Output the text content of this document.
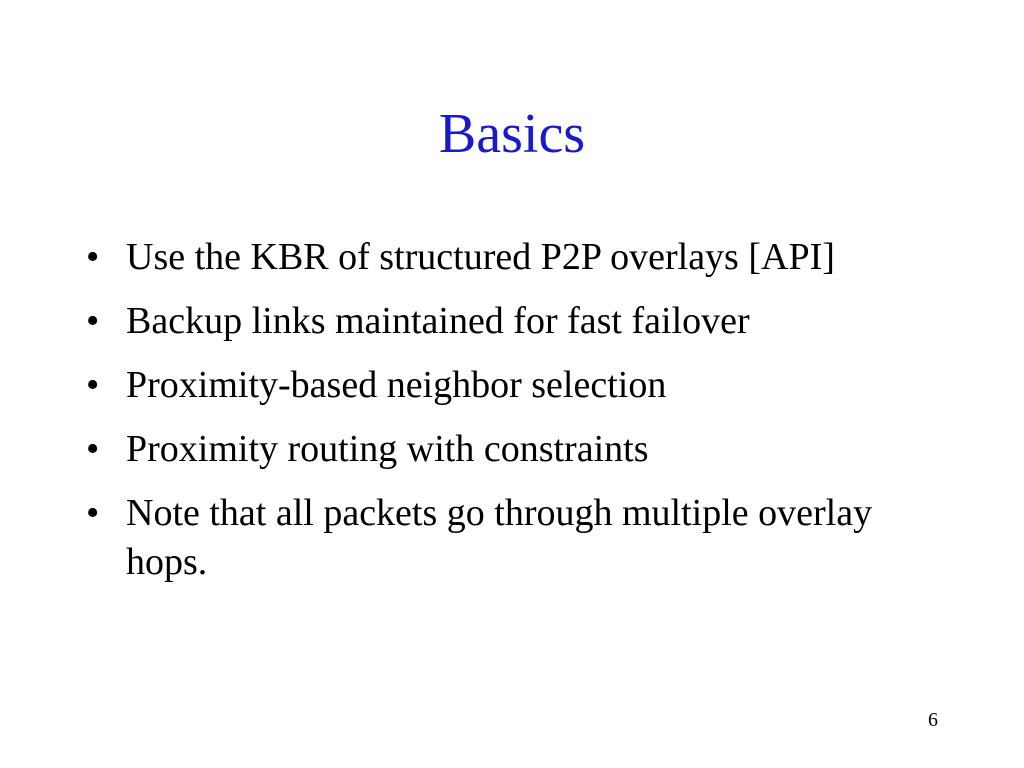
Basics
• Use the KBR of structured P2P overlays [API]
• Backup links maintained for fast failover
• Proximity-based neighbor selection
• Proximity routing with constraints
• Note that all packets go through multiple overlay hops.
6
